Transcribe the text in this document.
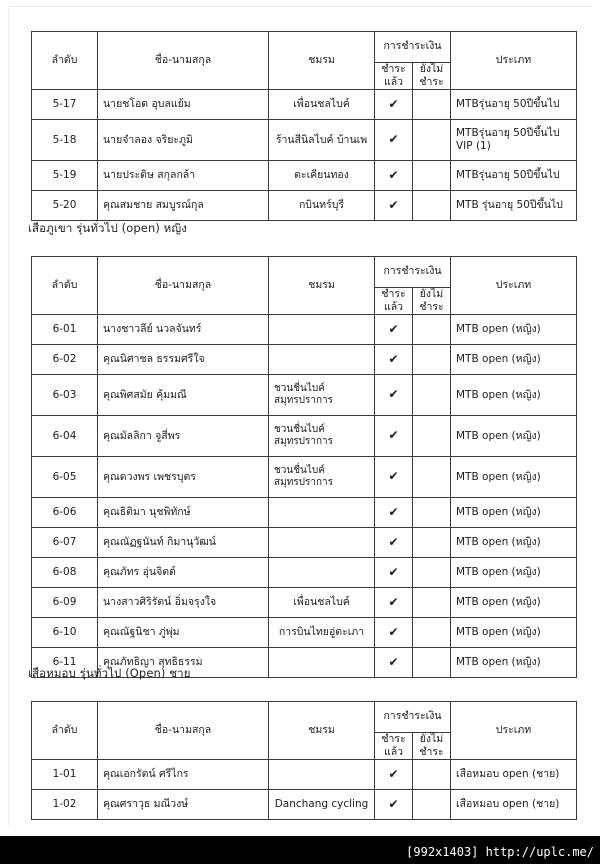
ลำดับ	ชื่อ-นามสกุล	ชมรม	การชำระเงิน		ประเภท
			ชำระแล้ว	ยังไม่ชำระ	
5-17	นายชโอด อุบลแย้ม	เพื่อนชลไบค์	✔		MTBรุ่นอายุ 50ปีขึ้นไป
5-18	นายจำลอง จริยะภูมิ	ร้านสีนิลไบค์ บ้านเพ	✔		MTBรุ่นอายุ 50ปีขึ้นไป
VIP (1)

5-19	นายประดิษ สกุลกล้า	ตะเคียนทอง	✔		MTBรุ่นอายุ 50ปีขึ้นไป
5-20	คุณสมชาย สมบูรณ์กุล	กบินทร์บุรี	✔		MTB รุ่นอายุ 50ปีขึ้นไป
เสือภูเขา รุ่นทั่วไป (open) หญิง
ลำดับ	ชื่อ-นามสกุล	ชมรม	การชำระเงิน		ประเภท
			ชำระแล้ว	ยังไม่ชำระ	
6-01	นางชาวลีย์ นวลจันทร์		✔		MTB open (หญิง)
6-02	คุณนิศาชล ธรรมศรีใจ		✔		MTB open (หญิง)
6-03	คุณพิศสมัย คุ้มมณี	ชวนชื่นไบค์
สมุทรปราการ	✔		MTB open (หญิง)
6-04	คุณมัลลิกา จูสี่พร	ชวนชื่นไบค์
สมุทรปราการ	✔		MTB open (หญิง)
6-05	คุณดวงพร เพชรบุตร	ชวนชื่นไบค์
สมุทรปราการ	✔		MTB open (หญิง)
6-06	คุณธิติมา นุชพิทักษ์		✔		MTB open (หญิง)
6-07	คุณณัฏฐนันท์ กิมานุวัฒน์		✔		MTB open (หญิง)
6-08	คุณภัทร อุ่นจิตต์		✔		MTB open (หญิง)
6-09	นางสาวศิริรัตน์ อิ่มจรุงใจ	เพื่อนชลไบค์	✔		MTB open (หญิง)
6-10	คุณณัฐนิชา ภู่พุ่ม	การบินไทยอู่ตะเภา	✔		MTB open (หญิง)
6-11	คุณภัทธิญา สุทธิธรรม		✔		MTB open (หญิง)
เสือหมอบ รุ่นทั่วไป (Open) ชาย
ลำดับ	ชื่อ-นามสกุล	ชมรม	การชำระเงิน		ประเภท
			ชำระแล้ว	ยังไม่ชำระ	
1-01	คุณเอกรัตน์ ศรีไกร		✔		เสือหมอบ open (ชาย)
1-02	คุณศราวุธ มณีวงษ์	Danchang cycling	✔		เสือหมอบ open (ชาย)
[992x1403] http://uplc.me/
